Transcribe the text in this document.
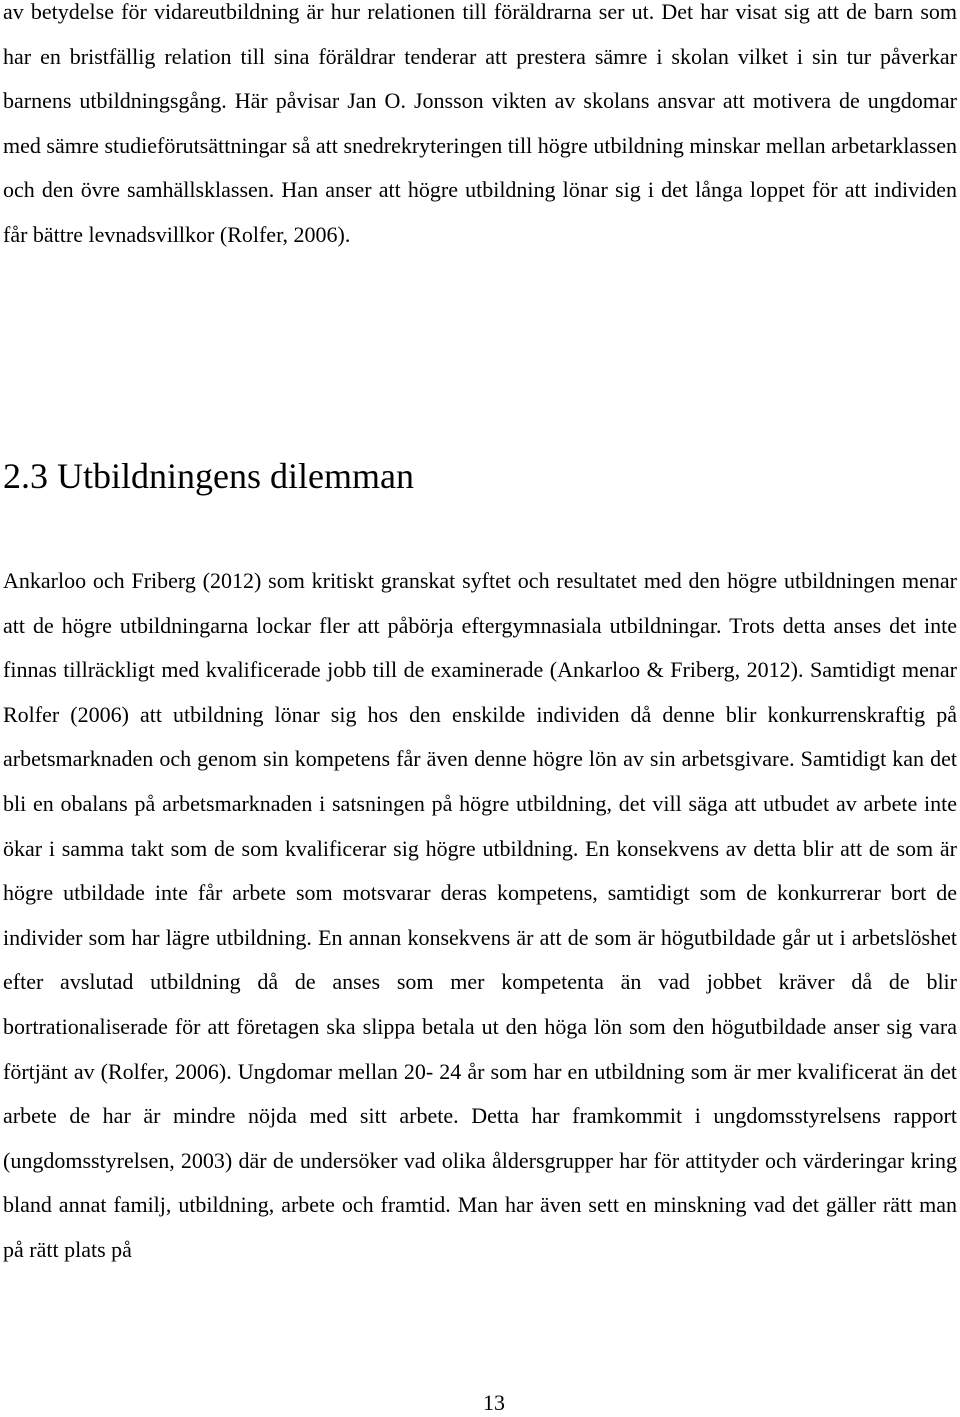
av betydelse för vidareutbildning är hur relationen till föräldrarna ser ut. Det har visat sig att de barn som har en bristfällig relation till sina föräldrar tenderar att prestera sämre i skolan vilket i sin tur påverkar barnens utbildningsgång. Här påvisar Jan O. Jonsson vikten av skolans ansvar att motivera de ungdomar med sämre studieförutsättningar så att snedrekryteringen till högre utbildning minskar mellan arbetarklassen och den övre samhällsklassen. Han anser att högre utbildning lönar sig i det långa loppet för att individen får bättre levnadsvillkor (Rolfer, 2006).

2.3 Utbildningens dilemman

Ankarloo och Friberg (2012) som kritiskt granskat syftet och resultatet med den högre utbildningen menar att de högre utbildningarna lockar fler att påbörja eftergymnasiala utbildningar. Trots detta anses det inte finnas tillräckligt med kvalificerade jobb till de examinerade (Ankarloo & Friberg, 2012). Samtidigt menar Rolfer (2006) att utbildning lönar sig hos den enskilde individen då denne blir konkurrenskraftig på arbetsmarknaden och genom sin kompetens får även denne högre lön av sin arbetsgivare. Samtidigt kan det bli en obalans på arbetsmarknaden i satsningen på högre utbildning, det vill säga att utbudet av arbete inte ökar i samma takt som de som kvalificerar sig högre utbildning. En konsekvens av detta blir att de som är högre utbildade inte får arbete som motsvarar deras kompetens, samtidigt som de konkurrerar bort de individer som har lägre utbildning. En annan konsekvens är att de som är högutbildade går ut i arbetslöshet efter avslutad utbildning då de anses som mer kompetenta än vad jobbet kräver då de blir bortrationaliserade för att företagen ska slippa betala ut den höga lön som den högutbildade anser sig vara förtjänt av (Rolfer, 2006). Ungdomar mellan 20- 24 år som har en utbildning som är mer kvalificerat än det arbete de har är mindre nöjda med sitt arbete. Detta har framkommit i ungdomsstyrelsens rapport (ungdomsstyrelsen, 2003) där de undersöker vad olika åldersgrupper har för attityder och värderingar kring bland annat familj, utbildning, arbete och framtid. Man har även sett en minskning vad det gäller rätt man på rätt plats på

13
